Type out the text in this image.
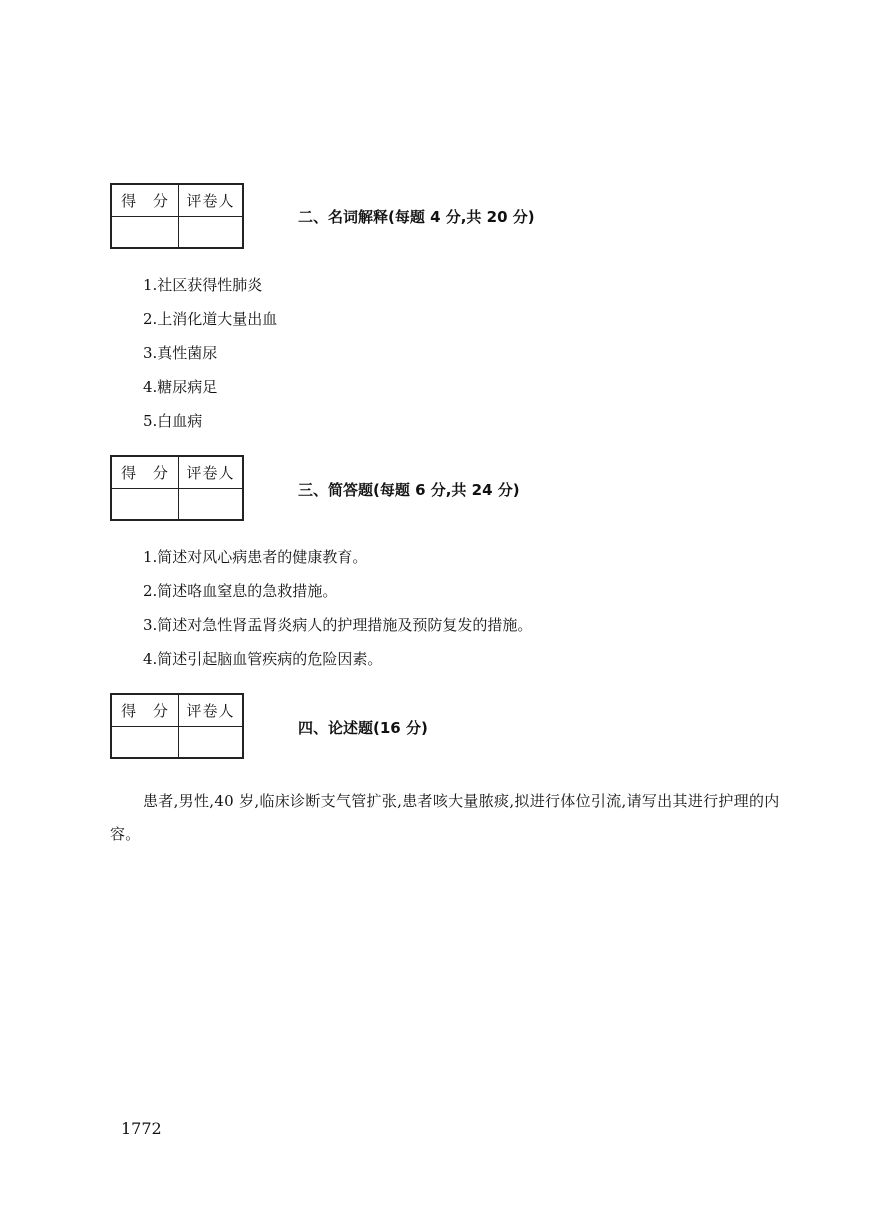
得 分	评卷人
二、名词解释(每题 4 分,共 20 分)
1.社区获得性肺炎
2.上消化道大量出血
3.真性菌尿
4.糖尿病足
5.白血病
得 分	评卷人
三、简答题(每题 6 分,共 24 分)
1.简述对风心病患者的健康教育。
2.简述咯血窒息的急救措施。
3.简述对急性肾盂肾炎病人的护理措施及预防复发的措施。
4.简述引起脑血管疾病的危险因素。
得 分	评卷人
四、论述题(16 分)
患者,男性,40 岁,临床诊断支气管扩张,患者咳大量脓痰,拟进行体位引流,请写出其进行护理的内容。
1772
